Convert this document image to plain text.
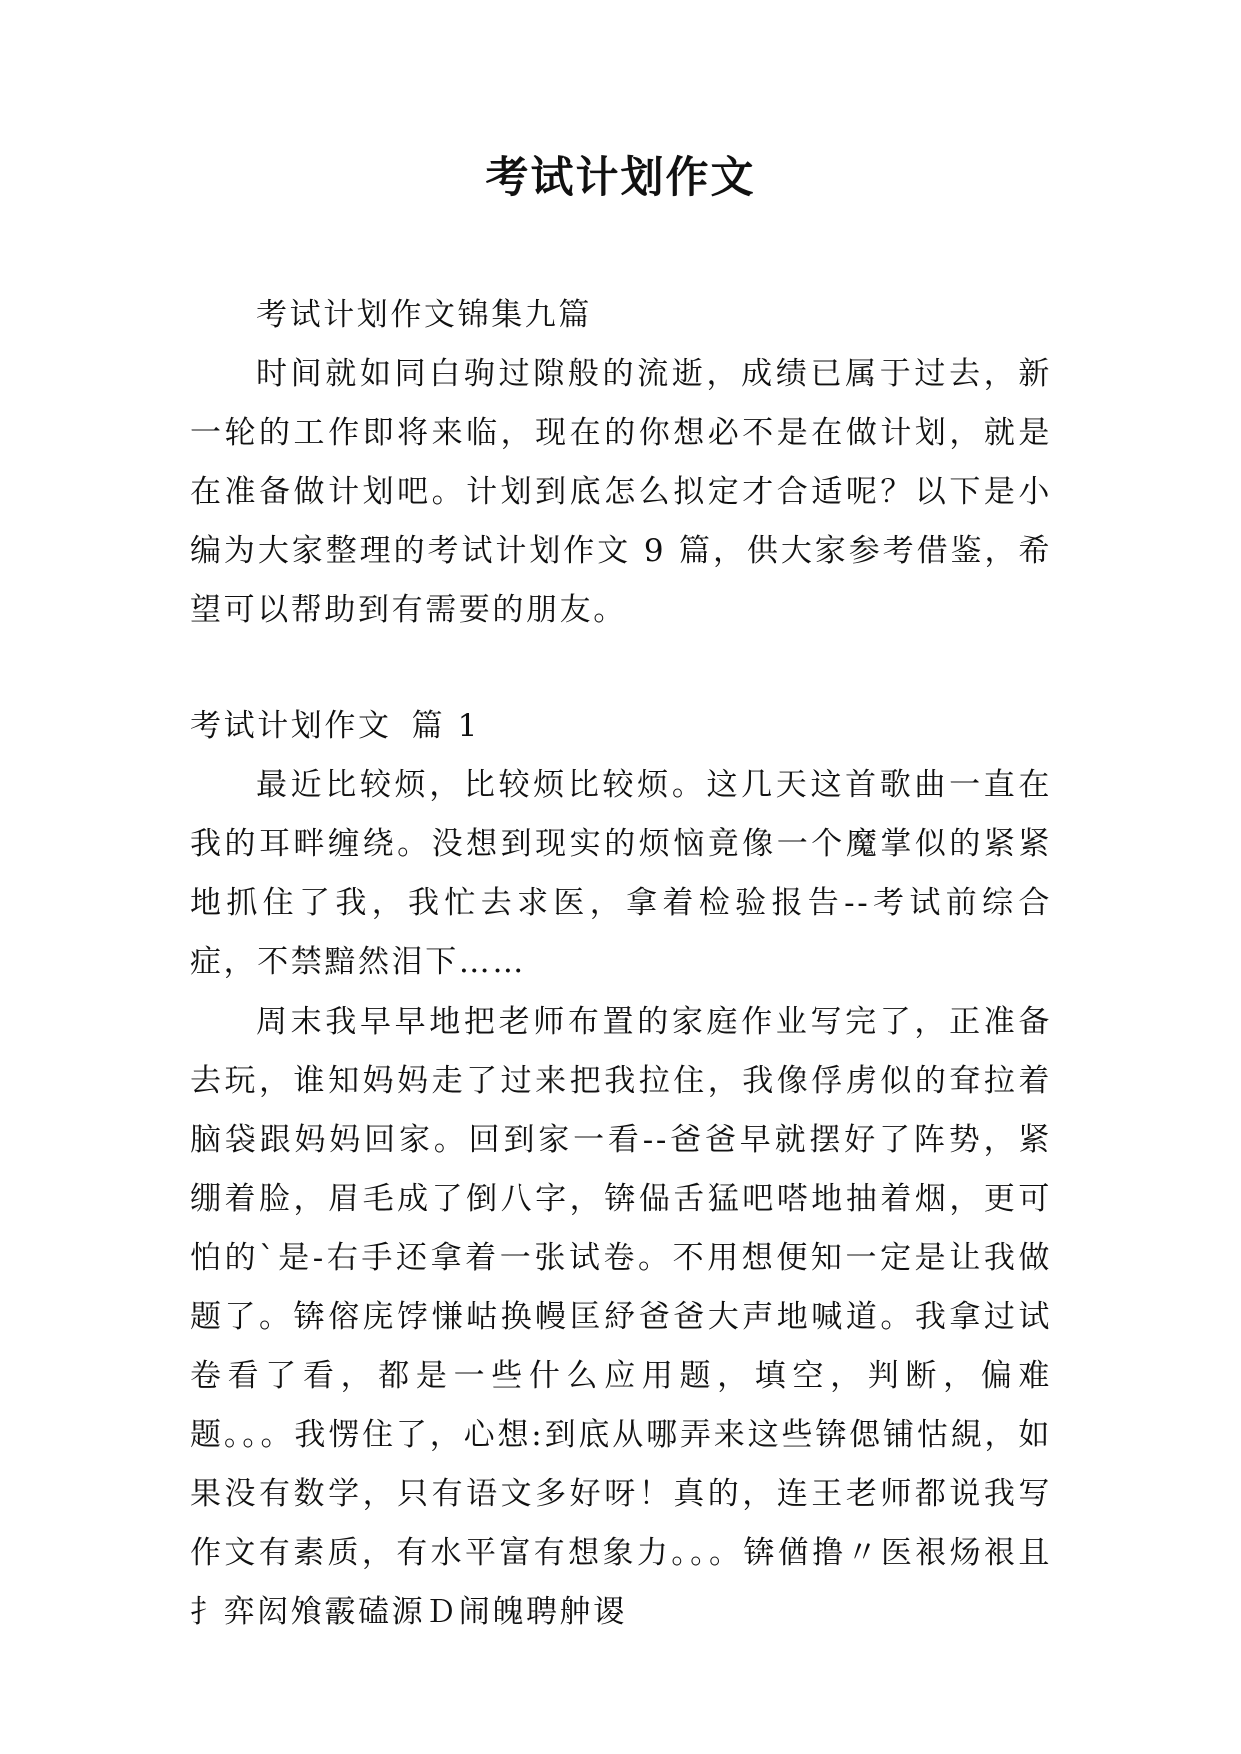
考试计划作文

考试计划作文锦集九篇

时间就如同白驹过隙般的流逝，成绩已属于过去，新一轮的工作即将来临，现在的你想必不是在做计划，就是在准备做计划吧。计划到底怎么拟定才合适呢？以下是小编为大家整理的考试计划作文 9 篇，供大家参考借鉴，希望可以帮助到有需要的朋友。

考试计划作文 篇 1

最近比较烦，比较烦比较烦。这几天这首歌曲一直在我的耳畔缠绕。没想到现实的烦恼竟像一个魔掌似的紧紧地抓住了我，我忙去求医，拿着检验报告--考试前综合症，不禁黯然泪下……

周末我早早地把老师布置的家庭作业写完了，正准备去玩，谁知妈妈走了过来把我拉住，我像俘虏似的耷拉着脑袋跟妈妈回家。回到家一看--爸爸早就摆好了阵势，紧绷着脸，眉毛成了倒八字，锛偘舌猛吧嗒地抽着烟，更可怕的`是-右手还拿着一张试卷。不用想便知一定是让我做题了。锛傛庑饽慊岵换幔匡紓爸爸大声地喊道。我拿过试卷看了看，都是一些什么应用题，填空，判断，偏难题。。。我愣住了，心想:到底从哪弄来这些锛偲铺怙絸，如果没有数学，只有语文多好呀！真的，连王老师都说我写作文有素质，有水平富有想象力。。。锛偤撸〃医裉炀裉且扌弈闳飧霰磕源Ｄ闹魄聘舯谡
